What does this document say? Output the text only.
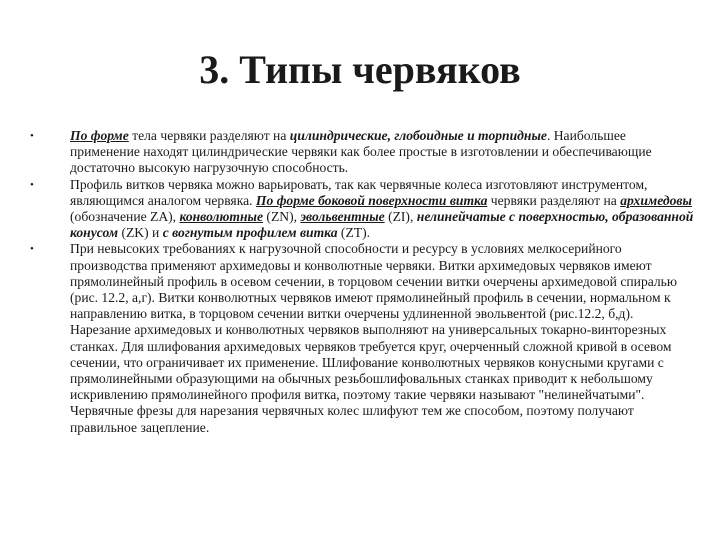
3. Типы червяков
•	По форме тела червяки разделяют на цилиндрические, глобоидные и торпидные. Наибольшее применение находят цилиндрические червяки как более простые в изготовлении и обеспечивающие достаточно высокую нагрузочную способность.
•	Профиль витков червяка можно варьировать, так как червячные колеса изготовляют инструментом, являющимся аналогом червяка. По форме боковой поверхности витка червяки разделяют на архимедовы (обозначение ZA), конволютные (ZN), эвольвентные (ZI), нелинейчатые с поверхностью, образованной конусом (ZK) и с вогнутым профилем витка (ZT).
•	При невысоких требованиях к нагрузочной способности и ресурсу в условиях мелкосерийного производства применяют архимедовы и конволютные червяки. Витки архимедовых червяков имеют прямолинейный профиль в осевом сечении, в торцовом сечении витки очерчены архимедовой спиралью (рис. 12.2, а,г). Витки конволютных червяков имеют прямолинейный профиль в сечении, нормальном к направлению витка, в торцовом сечении витки очерчены удлиненной эвольвентой (рис.12.2, б,д). Нарезание архимедовых и конволютных червяков выполняют на универсальных токарно-винторезных станках. Для шлифования архимедовых червяков требуется круг, очерченный сложной кривой в осевом сечении, что ограничивает их применение. Шлифование конволютных червяков конусными кругами с прямолинейными образующими на обычных резьбошлифовальных станках приводит к небольшому искривлению прямолинейного профиля витка, поэтому такие червяки называют "нелинейчатыми". Червячные фрезы для нарезания червячных колес шлифуют тем же способом, поэтому получают правильное зацепление.
